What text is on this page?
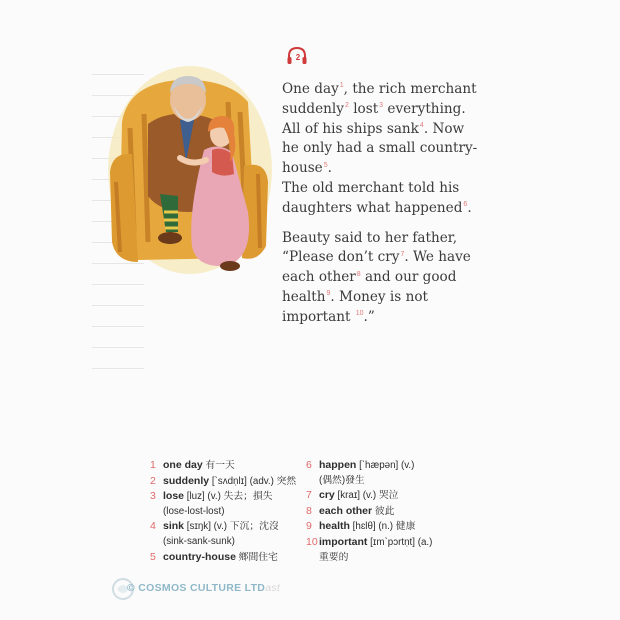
2
One day$^1$, the rich merchant suddenly$^2$ lost$^3$ everything. All of his ships sank$^4$. Now he only had a small country-house$^5$.
The old merchant told his daughters what happened$^6$.
Beauty said to her father, “Please don’t cry$^7$. We have each other$^8$ and our good health$^9$. Money is not important $^{10}$.”
1 one day 有一天
2 suddenly [ˋsʌdṇlɪ] (adv.) 突然
3 lose [luz] (v.) 失去；損失
(lose-lost-lost)
4 sink [sɪŋk] (v.) 下沉；沈沒
(sink-sank-sunk)
5 country-house 鄉間住宅
6 happen [ˋhæpən] (v.)
(偶然)發生
7 cry [kraɪ] (v.) 哭泣
8 each other 彼此
9 health [hɛlθ] (n.) 健康
10 important [ɪmˋpɔrtṇt] (a.)
重要的
© COSMOS CULTURE LTDast
